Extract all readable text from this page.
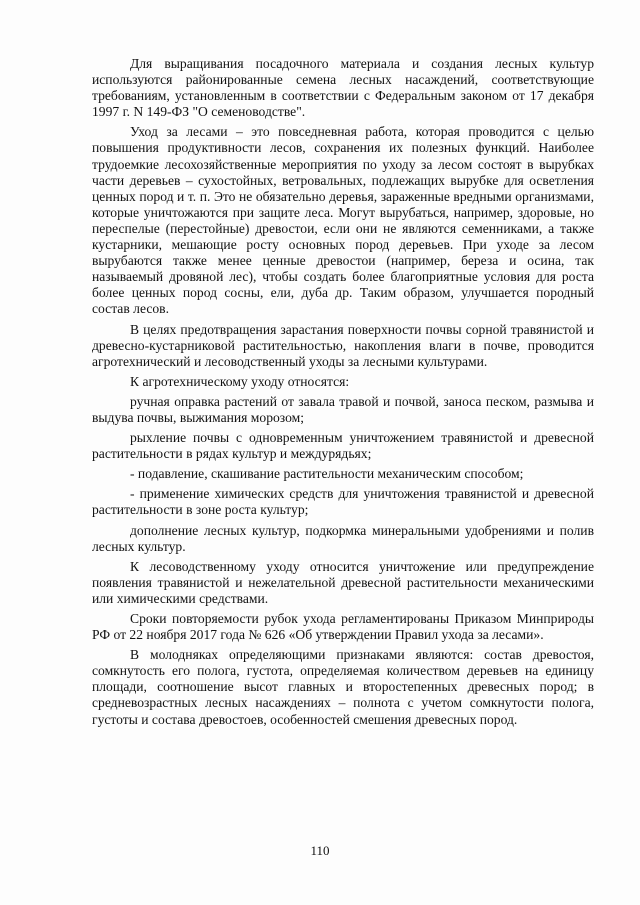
Для выращивания посадочного материала и создания лесных культур используются районированные семена лесных насаждений, соответствующие требованиям, установленным в соответствии с Федеральным законом от 17 декабря 1997 г. N 149-ФЗ "О семеноводстве".

Уход за лесами – это повседневная работа, которая проводится с целью повышения продуктивности лесов, сохранения их полезных функций. Наиболее трудоемкие лесохозяйственные мероприятия по уходу за лесом состоят в вырубках части деревьев – сухостойных, ветровальных, подлежащих вырубке для осветления ценных пород и т. п. Это не обязательно деревья, зараженные вредными организмами, которые уничтожаются при защите леса. Могут вырубаться, например, здоровые, но переспелые (перестойные) древостои, если они не являются семенниками, а также кустарники, мешающие росту основных пород деревьев. При уходе за лесом вырубаются также менее ценные древостои (например, береза и осина, так называемый дровяной лес), чтобы создать более благоприятные условия для роста более ценных пород сосны, ели, дуба др. Таким образом, улучшается породный состав лесов.

В целях предотвращения зарастания поверхности почвы сорной травянистой и древесно-кустарниковой растительностью, накопления влаги в почве, проводится агротехнический и лесоводственный уходы за лесными культурами.

К агротехническому уходу относятся:

ручная оправка растений от завала травой и почвой, заноса песком, размыва и выдува почвы, выжимания морозом;

рыхление почвы с одновременным уничтожением травянистой и древесной растительности в рядах культур и междурядьях;

- подавление, скашивание растительности механическим способом;

- применение химических средств для уничтожения травянистой и древесной растительности в зоне роста культур;

дополнение лесных культур, подкормка минеральными удобрениями и полив лесных культур.

К лесоводственному уходу относится уничтожение или предупреждение появления травянистой и нежелательной древесной растительности механическими или химическими средствами.

Сроки повторяемости рубок ухода регламентированы Приказом Минприроды РФ от 22 ноября 2017 года № 626 «Об утверждении Правил ухода за лесами».

В молодняках определяющими признаками являются: состав древостоя, сомкнутость его полога, густота, определяемая количеством деревьев на единицу площади, соотношение высот главных и второстепенных древесных пород; в средневозрастных лесных насаждениях – полнота с учетом сомкнутости полога, густоты и состава древостоев, особенностей смешения древесных пород.

110
